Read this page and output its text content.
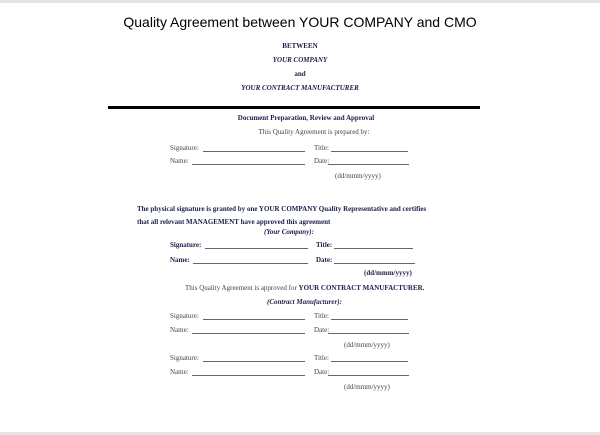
Quality Agreement between YOUR COMPANY and CMO
BETWEEN
YOUR COMPANY
and
YOUR CONTRACT MANUFACTURER
Document Preparation, Review and Approval
This Quality Agreement is prepared by:
Signature:	Title:
Name:	Date:
(dd/mmm/yyyy)
The physical signature is granted by one YOUR COMPANY Quality Representative and certifies
that all relevant MANAGEMENT have approved this agreement
(Your Company):
Signature:	Title:
Name:	Date:
(dd/mmm/yyyy)
This Quality Agreement is approved for YOUR CONTRACT MANUFACTURER.
(Contract Manufacturer):
Signature:	Title:
Name:	Date:
(dd/mmm/yyyy)
Signature:	Title:
Name:	Date:
(dd/mmm/yyyy)
